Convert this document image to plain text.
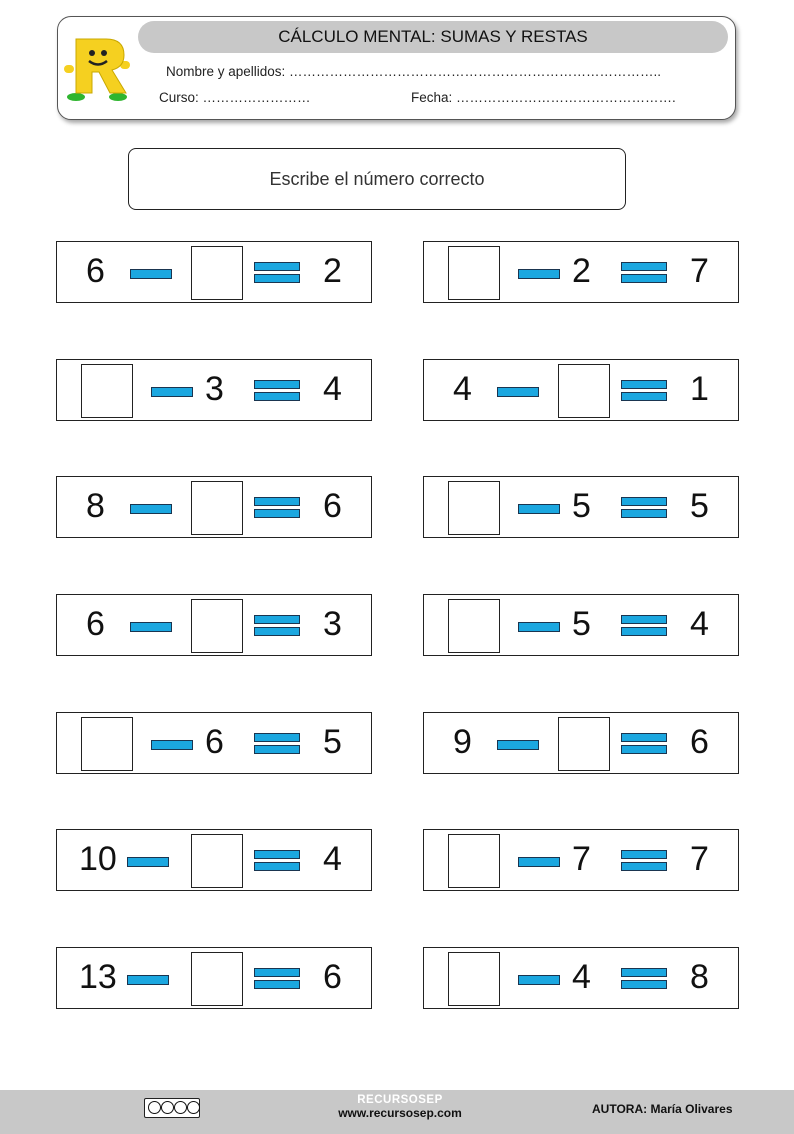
CÁLCULO MENTAL: SUMAS Y RESTAS
Nombre y apellidos: ………………………………………………………………………..
Curso: ……………………	Fecha: ………………………………………….
Escribe el número correcto
6	2	2	7
3	4	4	1
8	6	5	5
6	3	5	4
6	5	9	6
10	4	7	7
13	6	4	8
RECURSOSEP
www.recursosep.com	AUTORA: María Olivares
